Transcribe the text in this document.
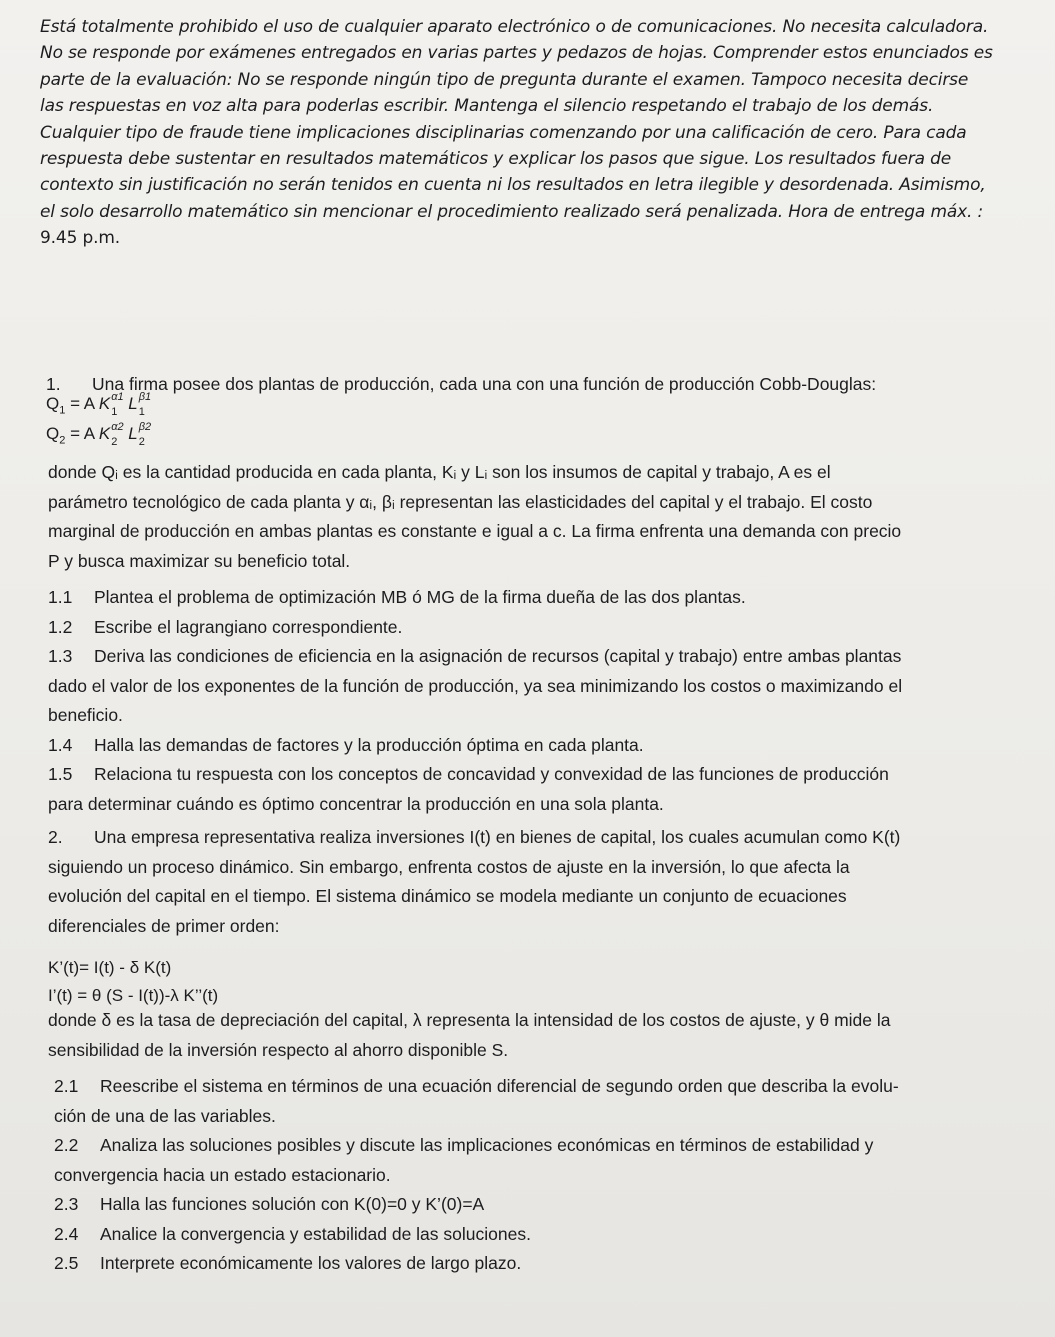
Está totalmente prohibido el uso de cualquier aparato electrónico o de comunicaciones. No necesita calculadora.
No se responde por exámenes entregados en varias partes y pedazos de hojas. Comprender estos enunciados es
parte de la evaluación: No se responde ningún tipo de pregunta durante el examen. Tampoco necesita decirse
las respuestas en voz alta para poderlas escribir. Mantenga el silencio respetando el trabajo de los demás.
Cualquier tipo de fraude tiene implicaciones disciplinarias comenzando por una calificación de cero. Para cada
respuesta debe sustentar en resultados matemáticos y explicar los pasos que sigue. Los resultados fuera de
contexto sin justificación no serán tenidos en cuenta ni los resultados en letra ilegible y desordenada. Asimismo,
el solo desarrollo matemático sin mencionar el procedimiento realizado será penalizada. Hora de entrega máx. :
9.45 p.m.

1. Una firma posee dos plantas de producción, cada una con una función de producción Cobb-Douglas:
$Q_1 = A$ K α1
1 L β1
1
$Q_2 = A$ K α2
2 L β2
2
donde Qᵢ es la cantidad producida en cada planta, Kᵢ y Lᵢ son los insumos de capital y trabajo, A es el
parámetro tecnológico de cada planta y αᵢ, βᵢ representan las elasticidades del capital y el trabajo. El costo
marginal de producción en ambas plantas es constante e igual a c. La firma enfrenta una demanda con precio
P y busca maximizar su beneficio total.
1.1 Plantea el problema de optimización MB ó MG de la firma dueña de las dos plantas.
1.2 Escribe el lagrangiano correspondiente.
1.3 Deriva las condiciones de eficiencia en la asignación de recursos (capital y trabajo) entre ambas plantas
dado el valor de los exponentes de la función de producción, ya sea minimizando los costos o maximizando el
beneficio.
1.4 Halla las demandas de factores y la producción óptima en cada planta.
1.5 Relaciona tu respuesta con los conceptos de concavidad y convexidad de las funciones de producción
para determinar cuándo es óptimo concentrar la producción en una sola planta.
2. Una empresa representativa realiza inversiones I(t) en bienes de capital, los cuales acumulan como K(t)
siguiendo un proceso dinámico. Sin embargo, enfrenta costos de ajuste en la inversión, lo que afecta la
evolución del capital en el tiempo. El sistema dinámico se modela mediante un conjunto de ecuaciones
diferenciales de primer orden:
K’(t)= I(t) - δ K(t)
I’(t) = θ (S - I(t))-λ K’’(t)
donde δ es la tasa de depreciación del capital, λ representa la intensidad de los costos de ajuste, y θ mide la
sensibilidad de la inversión respecto al ahorro disponible S.
2.1 Reescribe el sistema en términos de una ecuación diferencial de segundo orden que describa la evolu-
ción de una de las variables.
2.2 Analiza las soluciones posibles y discute las implicaciones económicas en términos de estabilidad y
convergencia hacia un estado estacionario.
2.3 Halla las funciones solución con K(0)=0 y K’(0)=A
2.4 Analice la convergencia y estabilidad de las soluciones.
2.5 Interprete económicamente los valores de largo plazo.
